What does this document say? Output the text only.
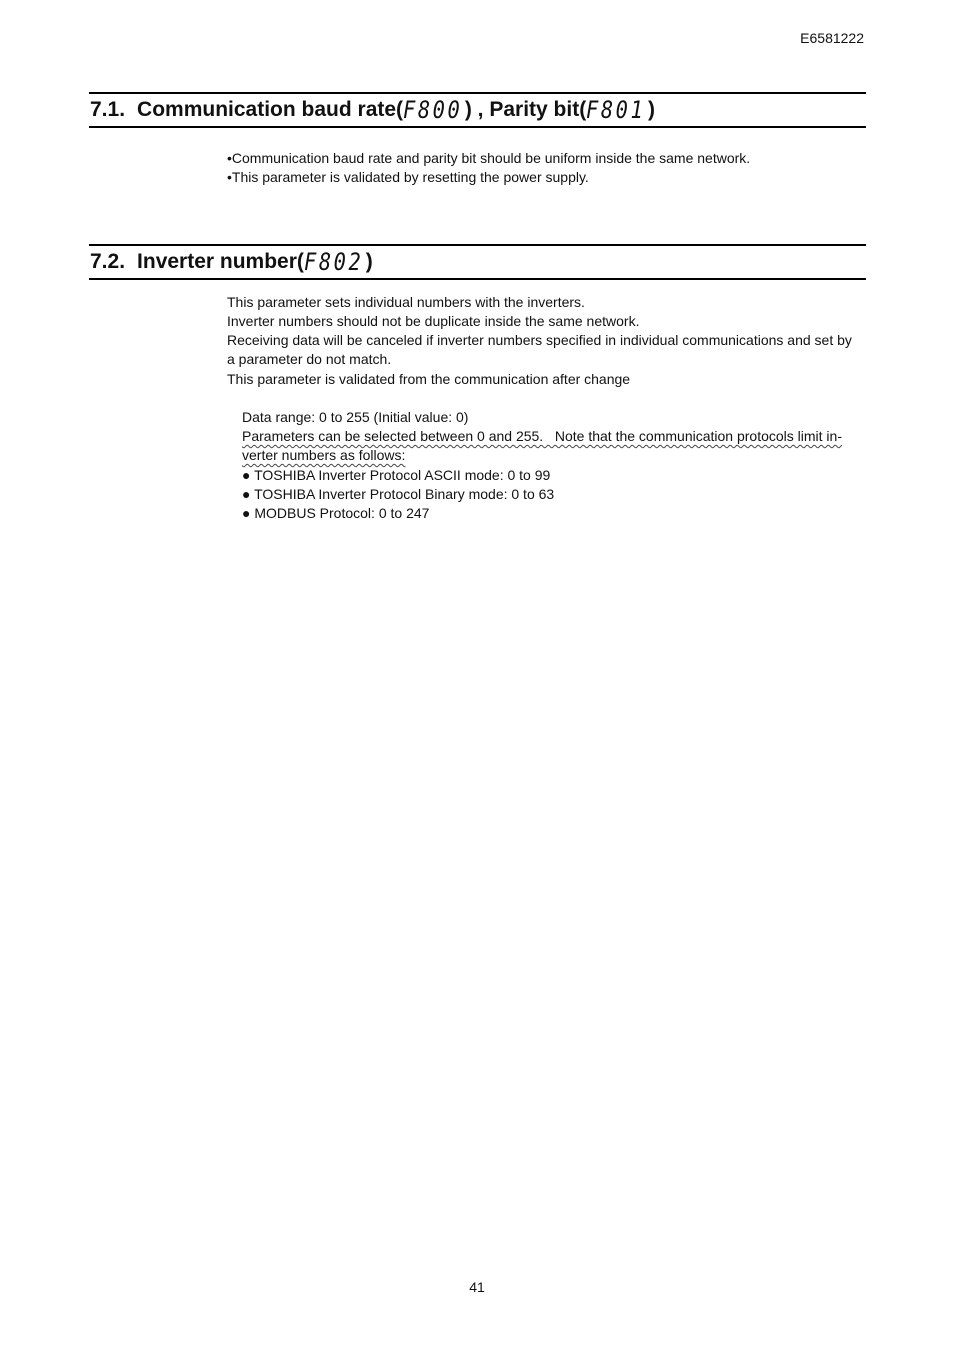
E6581222
7.1. Communication baud rate( F800 ) , Parity bit( F801 )

•Communication baud rate and parity bit should be uniform inside the same network.

•This parameter is validated by resetting the power supply.

7.2. Inverter number( F802 )

This parameter sets individual numbers with the inverters.

Inverter numbers should not be duplicate inside the same network.

Receiving data will be canceled if inverter numbers specified in individual communications and set by

a parameter do not match.

This parameter is validated from the communication after change

Data range: 0 to 255 (Initial value: 0)

Parameters can be selected between 0 and 255.   Note that the communication protocols limit in-

verter numbers as follows:

● TOSHIBA Inverter Protocol ASCII mode: 0 to 99

● TOSHIBA Inverter Protocol Binary mode: 0 to 63

● MODBUS Protocol: 0 to 247

41
